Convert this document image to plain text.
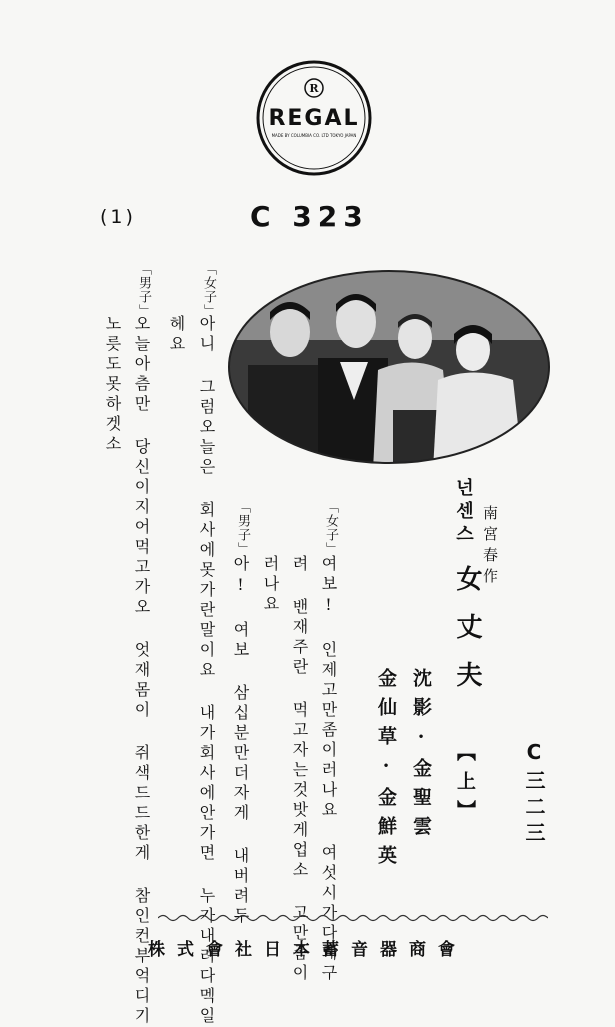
R
REGAL
MADE BY COLUMBIA CO. LTD TOKYO JAPAN
(1)	C 323
南宮春作
넌센스
女丈夫
【上】
沈影·金聖雲
金仙草·金鮮英	C三二三
「女子」
여보! 인제고만좀이러나요 여섯시가다돼구
려 밴재주란 먹고자는것밧게업소 고만좀이
러나요
「男子」
아! 여보 삼십분만더자게 내버려두
「女子」
아니 그럼오늘은 회사에못가란말이요 내가회사에안가면 누가내려다멕일
헤요
「男子」
오늘아츰만 당신이지어먹고가오 엇재몸이 쥐색드드한게 참인컨부억디기
노릇도못하겟소
株式會社日本蓄音器商會
